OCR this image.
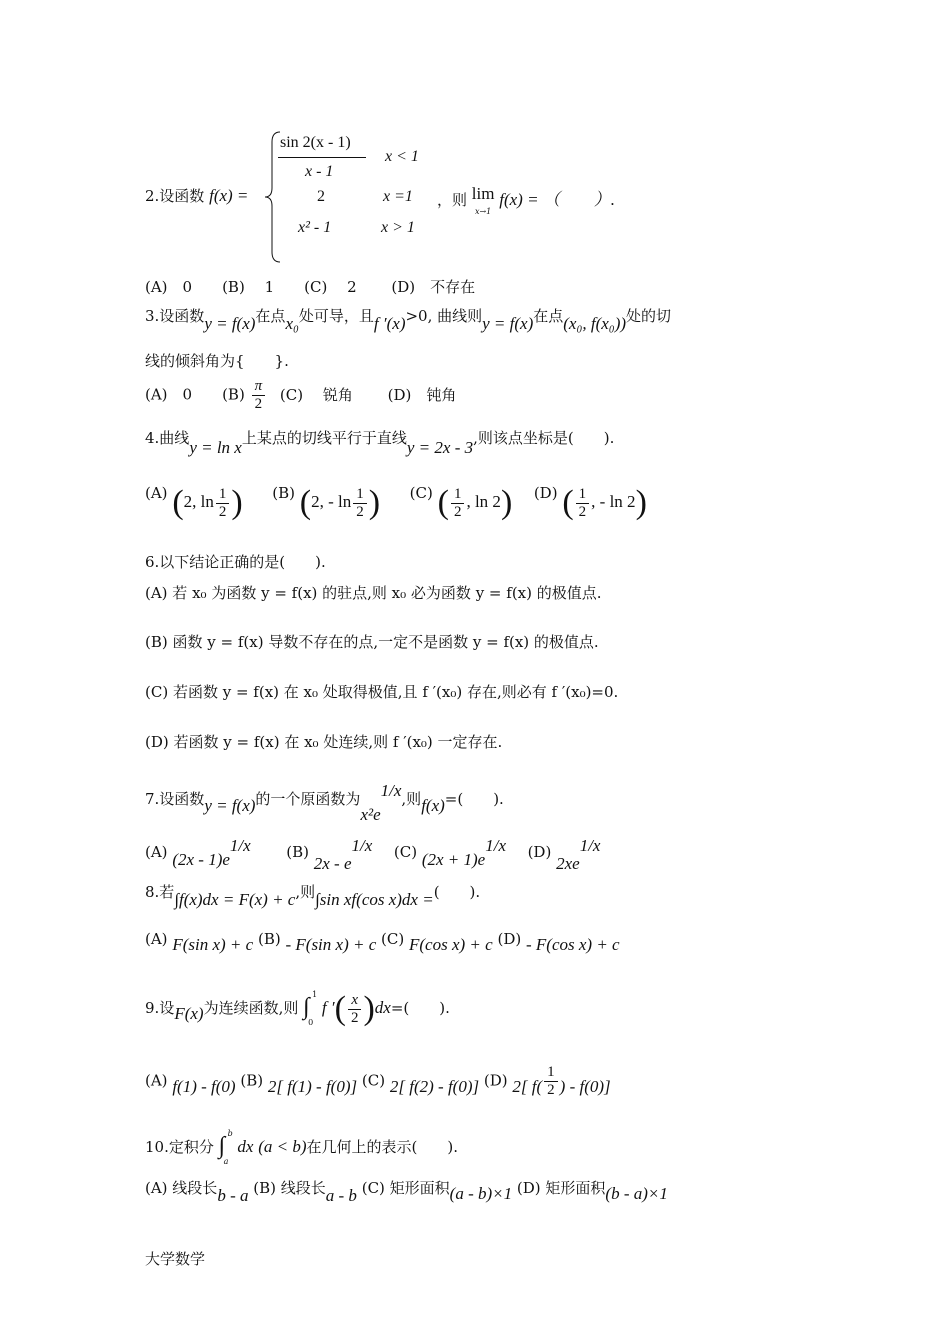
2.设函数 f(x) =
sin 2(x - 1)
x - 1
x < 1
2	x =1
x² - 1	x > 1
，则 lim
x→1 f(x) = （　　）.
(A)　0　　(B)　 1　　(C)　 2　　 (D)　不存在
3.设函数y = f(x)在点x₀处可导，且f ′(x)>0, 曲线则y = f(x)在点(x₀, f(x₀))处的切
线的倾斜角为{　　}.
(A)　0　　$(B) \frac{\pi}{2} (C)$　 锐角　　 (D)　钝角
4.曲线y = ln x上某点的切线平行于直线y = 2x - 3,则该点坐标是(　　).
(A) (2, $\ln \frac{1}{2}$ ) (B) (2, - $\ln \frac{1}{2}$ ) (C) ( $\frac{1}{2}$ , ln 2) (D) ( $\frac{1}{2}$ , - ln 2)
6.以下结论正确的是(　　).
(A) 若 x₀ 为函数 y = f(x) 的驻点,则 x₀ 必为函数 y = f(x) 的极值点.
(B) 函数 y = f(x) 导数不存在的点,一定不是函数 y = f(x) 的极值点.
(C) 若函数 y = f(x) 在 x₀ 处取得极值,且 f ′(x₀) 存在,则必有 f ′(x₀)=0.
(D) 若函数 y = f(x) 在 x₀ 处连续,则 f ′(x₀) 一定存在.
7.设函数y = f(x)的一个原函数为$x^2e^{1/x}$,则f(x)=(　　).
(A) $(2x - 1)e^{1/x}$ (B) $2x - e^{1/x}$ (C) $(2x + 1)e^{1/x}$ (D) $2xe^{1/x}$
8.若∫f(x)dx = F(x) + c,则∫sin xf(cos x)dx =(　　).
(A) F(sin x) + c (B) - F(sin x) + c (C) F(cos x) + c (D) - F(cos x) + c
9.设F(x)为连续函数,则 ∫ 1
0
f ′( $\frac{x}{2} )dx=$(　　).
(A) f(1) - f(0) (B) 2[ f(1) - f(0)] (C) 2[ f(2) - f(0)] (D) 2[ $f( \frac{1}{2}$ ) - f(0)]
10.定积分 ∫ b
a
dx (a < b)在几何上的表示(　　).
(A) 线段长b - a (B) 线段长a - b (C) 矩形面积(a - b)×1 (D) 矩形面积(b - a)×1
大学数学
